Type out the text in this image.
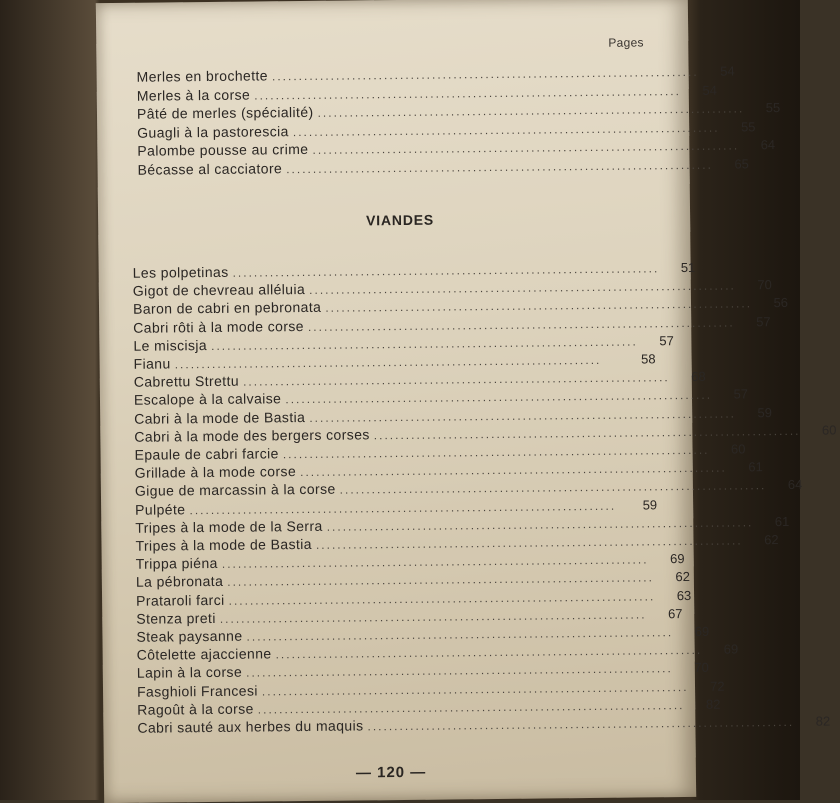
Pages
Merles en brochette ................................................................................	54
Merles à la corse ................................................................................	54
Pâté de merles (spécialité) ................................................................................	55
Guagli à la pastorescia ................................................................................	55
Palombe pousse au crime ................................................................................	64
Bécasse al cacciatore ................................................................................	65
VIANDES
Les polpetinas ................................................................................	51
Gigot de chevreau alléluia ................................................................................	70
Baron de cabri en pebronata ................................................................................	56
Cabri rôti à la mode corse ................................................................................	57
Le miscisja ................................................................................	57
Fianu ................................................................................	58
Cabrettu Strettu ................................................................................	68
Escalope à la calvaise ................................................................................	57
Cabri à la mode de Bastia ................................................................................	59
Cabri à la mode des bergers corses ................................................................................	60
Epaule de cabri farcie ................................................................................	60
Grillade à la mode corse ................................................................................	61
Gigue de marcassin à la corse ................................................................................	64
Pulpéte ................................................................................	59
Tripes à la mode de la Serra ................................................................................	61
Tripes à la mode de Bastia ................................................................................	62
Trippa piéna ................................................................................	69
La pébronata ................................................................................	62
Prataroli farci ................................................................................	63
Stenza preti ................................................................................	67
Steak paysanne ................................................................................	69
Côtelette ajaccienne ................................................................................	69
Lapin à la corse ................................................................................	70
Fasghioli Francesi ................................................................................	72
Ragoût à la corse ................................................................................	82
Cabri sauté aux herbes du maquis ................................................................................	82
— 120 —
